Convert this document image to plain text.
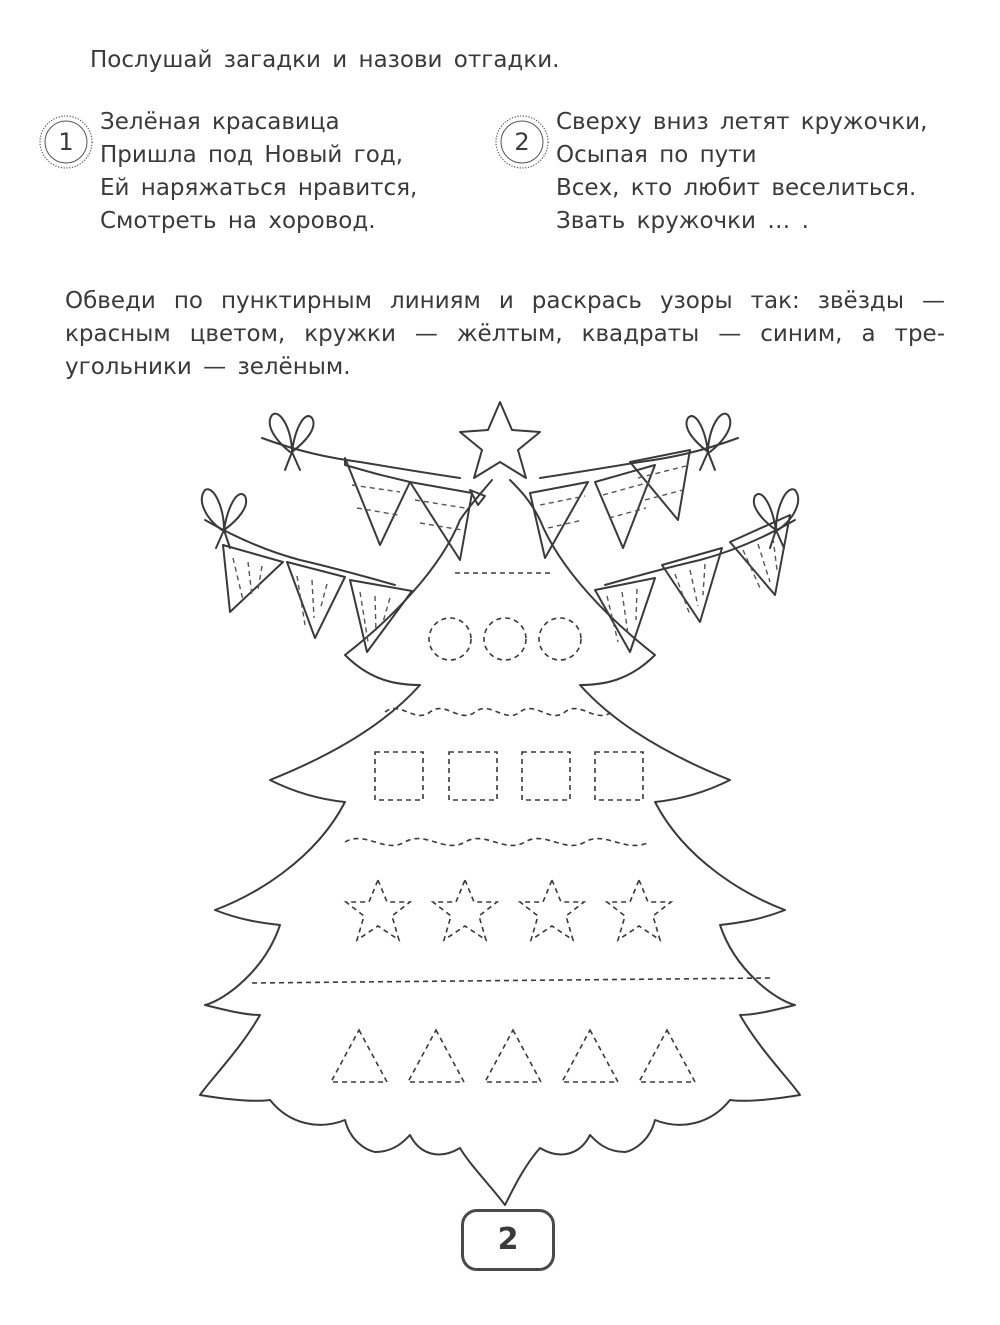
Послушай загадки и назови отгадки.
1
Зелёная красавица
Пришла под Новый год,
Ей наряжаться нравится,
Смотреть на хоровод.
2
Сверху вниз летят кружочки,
Осыпая по пути
Всех, кто любит веселиться.
Звать кружочки … .
Обведи по пунктирным линиям и раскрась узоры так: звёзды — красным цветом, кружки — жёлтым, квадраты — синим, а тре-угольники — зелёным.
2
